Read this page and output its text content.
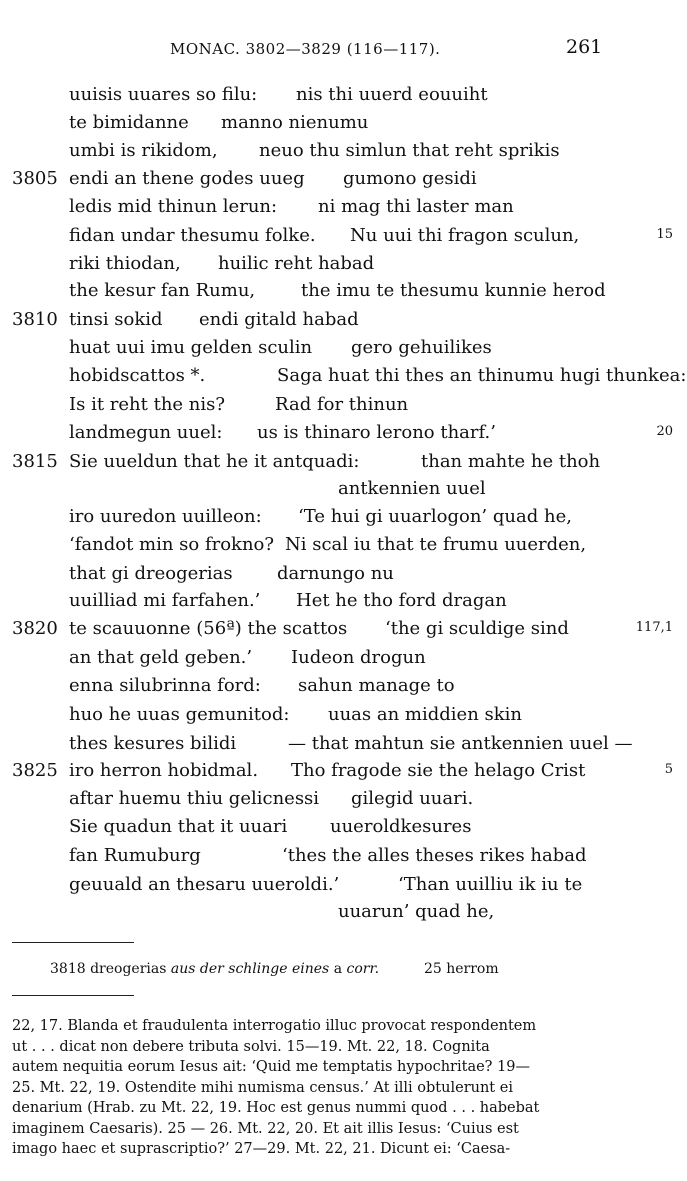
MONAC. 3802—3829 (116—117).	261
uuisis uuares so filu: nis thi uuerd eouuiht
te bimidanne manno nienumu
umbi is rikidom, neuo thu simlun that reht sprikis
3805 endi an thene godes uueg gumono gesidi
ledis mid thinun lerun: ni mag thi laster man
fidan undar thesumu folke. Nu uui thi fragon sculun,	15
riki thiodan, huilic reht habad
the kesur fan Rumu,	the imu te thesumu kunnie herod
3810 tinsi sokid endi gitald habad
huat uui imu gelden sculin gero gehuilikes
hobidscattos *.	Saga huat thi thes an thinumu hugi thunkea:
Is it reht the nis?	Rad for thinun
landmegun uuel: us is thinaro lerono tharf.’	20
3815 Sie uueldun that he it antquadi:	than mahte he thoh
antkennien uuel
iro uuredon uuilleon: ‘Te hui gi uuarlogon’ quad he,
‘fandot min so frokno? Ni scal iu that te frumu uuerden,
that gi dreogerias darnungo nu
uuilliad mi farfahen.’ Het he tho ford dragan
3820 te scauuonne (56ª) the scattos ‘the gi sculdige sind	117,1
an that geld geben.’ Iudeon drogun
enna silubrinna ford: sahun manage to
huo he uuas gemunitod: uuas an middien skin
thes kesures bilidi	— that mahtun sie antkennien uuel —
3825 iro herron hobidmal. Tho fragode sie the helago Crist	5
aftar huemu thiu gelicnessi gilegid uuari.
Sie quadun that it uuari uueroldkesures
fan Rumuburg	‘thes the alles theses rikes habad
geuuald an thesaru uueroldi.’	‘Than uuilliu ik iu te
uuarun’ quad he,
3818 dreogerias aus der schlinge eines a corr.	25 herrom
22, 17. Blanda et fraudulenta interrogatio illuc provocat respondentem
ut . . . dicat non debere tributa solvi. 15—19. Mt. 22, 18. Cognita
autem nequitia eorum Iesus ait: ‘Quid me temptatis hypochritae? 19—
25. Mt. 22, 19. Ostendite mihi numisma census.’ At illi obtulerunt ei
denarium (Hrab. zu Mt. 22, 19. Hoc est genus nummi quod . . . habebat
imaginem Caesaris). 25 — 26. Mt. 22, 20. Et ait illis Iesus: ‘Cuius est
imago haec et suprascriptio?’ 27—29. Mt. 22, 21. Dicunt ei: ‘Caesa-
